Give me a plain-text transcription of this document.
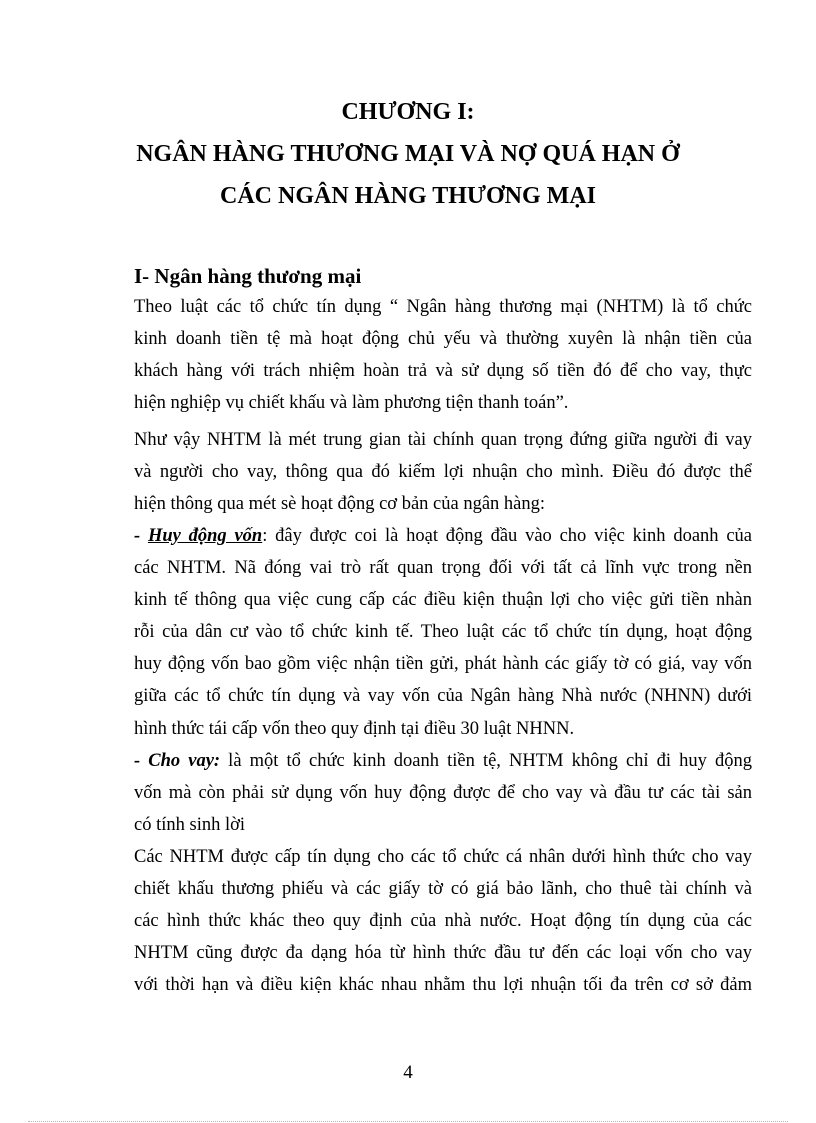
CHƯƠNG I:
NGÂN HÀNG THƯƠNG MẠI VÀ NỢ QUÁ HẠN Ở
CÁC NGÂN HÀNG THƯƠNG MẠI
I- Ngân hàng thương mại
Theo luật các tổ chức tín dụng “ Ngân hàng thương mại (NHTM) là tổ chức
kinh doanh tiền tệ mà hoạt động chủ yếu và thường xuyên là nhận tiền của
khách hàng với trách nhiệm hoàn trả và sử dụng số tiền đó để cho vay, thực
hiện nghiệp vụ chiết khấu và làm phương tiện thanh toán”.
Như vậy NHTM là mét trung gian tài chính quan trọng đứng giữa người đi vay
và người cho vay, thông qua đó kiếm lợi nhuận cho mình. Điều đó được thể
hiện thông qua mét sè hoạt động cơ bản của ngân hàng:
- Huy động vốn: đây được coi là hoạt động đầu vào cho việc kinh doanh của
các NHTM. Nã đóng vai trò rất quan trọng đối với tất cả lĩnh vực trong nền
kinh tế thông qua việc cung cấp các điều kiện thuận lợi cho việc gửi tiền nhàn
rỗi của dân cư vào tổ chức kinh tế. Theo luật các tổ chức tín dụng, hoạt động
huy động vốn bao gồm việc nhận tiền gửi, phát hành các giấy tờ có giá, vay vốn
giữa các tổ chức tín dụng và vay vốn của Ngân hàng Nhà nước (NHNN) dưới
hình thức tái cấp vốn theo quy định tại điều 30 luật NHNN.
- Cho vay: là một tổ chức kinh doanh tiền tệ, NHTM không chỉ đi huy động
vốn mà còn phải sử dụng vốn huy động được để cho vay và đầu tư các tài sản
có tính sinh lời
Các NHTM được cấp tín dụng cho các tổ chức cá nhân dưới hình thức cho vay
chiết khấu thương phiếu và các giấy tờ có giá bảo lãnh, cho thuê tài chính và
các hình thức khác theo quy định của nhà nước. Hoạt động tín dụng của các
NHTM cũng được đa dạng hóa từ hình thức đầu tư đến các loại vốn cho vay
với thời hạn và điều kiện khác nhau nhằm thu lợi nhuận tối đa trên cơ sở đảm
4
